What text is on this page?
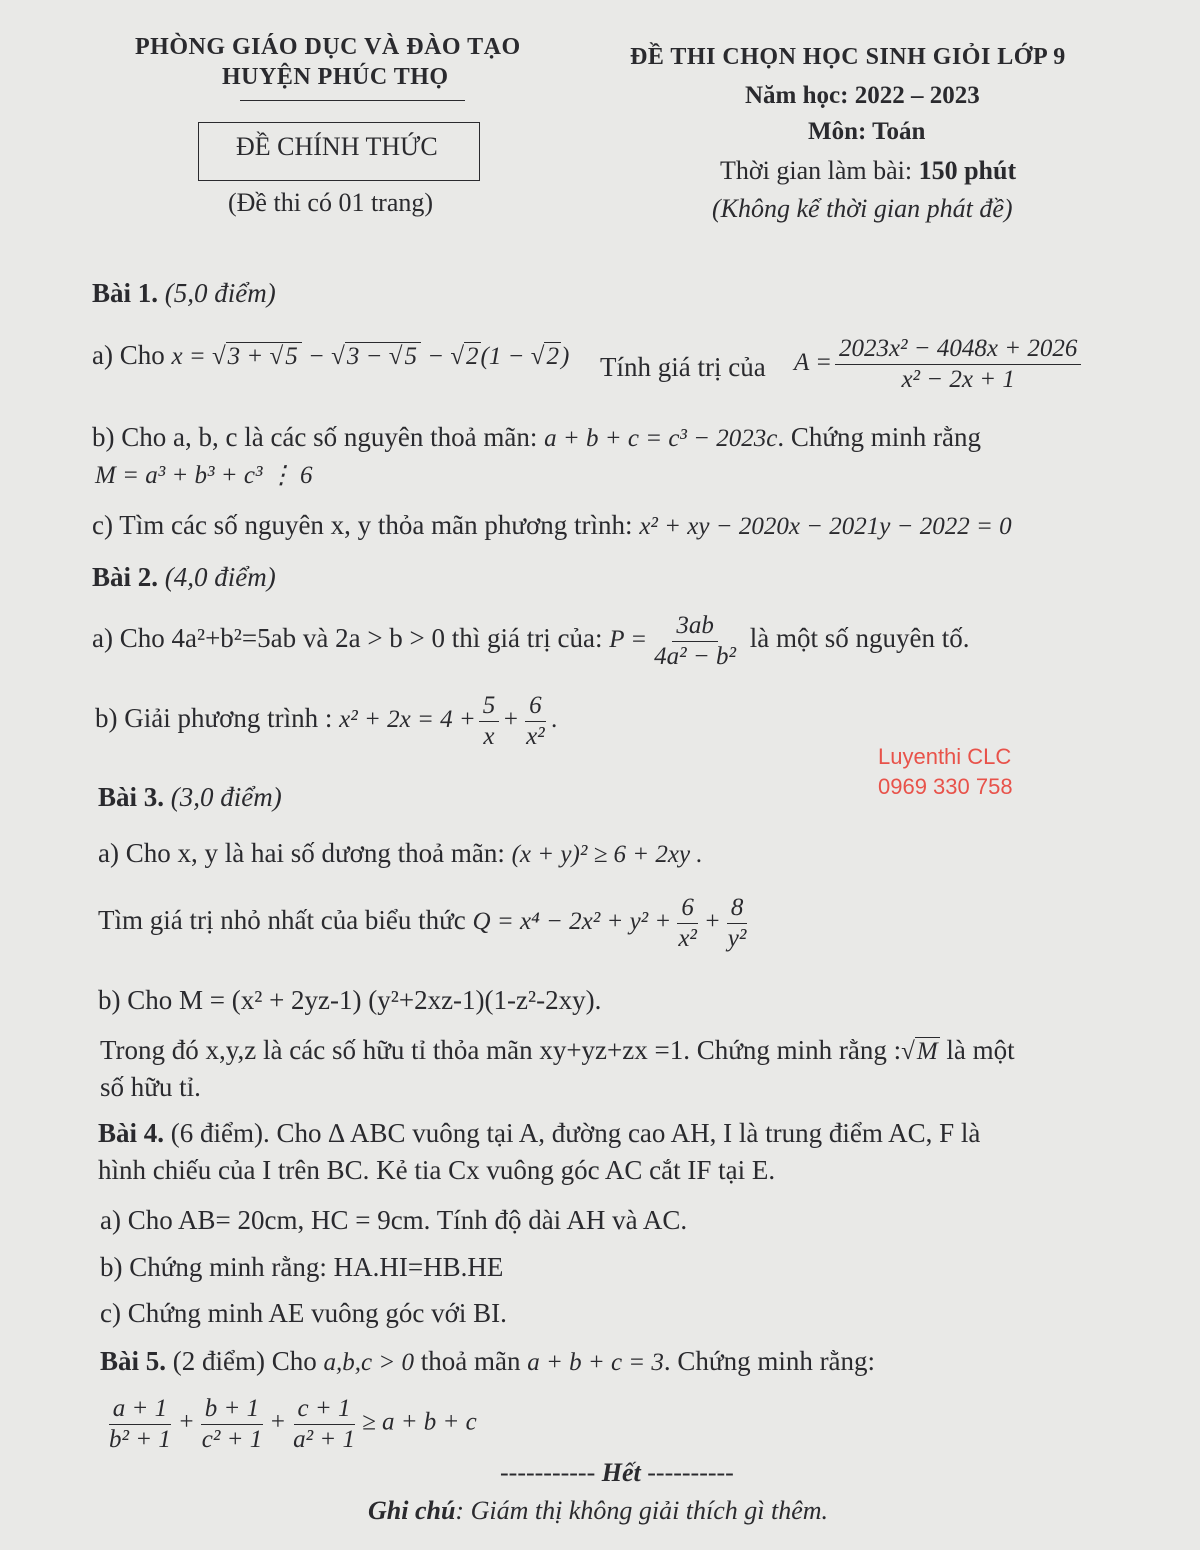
PHÒNG GIÁO DỤC VÀ ĐÀO TẠO
HUYỆN PHÚC THỌ
ĐỀ CHÍNH THỨC
(Đề thi có 01 trang)
ĐỀ THI CHỌN HỌC SINH GIỎI LỚP 9
Năm học: 2022 – 2023
Môn: Toán
Thời gian làm bài: 150 phút
(Không kể thời gian phát đề)
Bài 1. (5,0 điểm)
a) Cho x = √3 + √5 − √3 − √5 − √2(1 − √2) Tính giá trị của $A = \frac{\text{2023x² − 4048x + 2026}}{\text{x² − 2x + 1}}$
b) Cho a, b, c là các số nguyên thoả mãn: a + b + c = c³ − 2023c. Chứng minh rằng
M = a³ + b³ + c³ ⋮ 6
c) Tìm các số nguyên x, y thỏa mãn phương trình: x² + xy − 2020x − 2021y − 2022 = 0
Bài 2. (4,0 điểm)
a) Cho 4a²+b²=5ab và 2a > b > 0 thì giá trị của: $P = \frac{3ab}{\text{4a² − b²}}$ là một số nguyên tố.
b) Giải phương trình : $x^2 + 2x = 4 + \frac{5}{x} + \frac{6}{\text{x²}}$ .
Luyenthi CLC
0969 330 758
Bài 3. (3,0 điểm)
a) Cho x, y là hai số dương thoả mãn: (x + y)² ≥ 6 + 2xy .
Tìm giá trị nhỏ nhất của biểu thức $Q = x^4 - 2x^2 + y^2 + \frac{6}{\text{x²}} + \frac{8}{\text{y²}}$
b) Cho M = (x² + 2yz-1) (y²+2xz-1)(1-z²-2xy).
Trong đó x,y,z là các số hữu tỉ thỏa mãn xy+yz+zx =1. Chứng minh rằng :√M là một
số hữu tỉ.
Bài 4. (6 điểm). Cho ∆ ABC vuông tại A, đường cao AH, I là trung điểm AC, F là
hình chiếu của I trên BC. Kẻ tia Cx vuông góc AC cắt IF tại E.
a) Cho AB= 20cm, HC = 9cm. Tính độ dài AH và AC.
b) Chứng minh rằng: HA.HI=HB.HE
c) Chứng minh AE vuông góc với BI.
Bài 5. (2 điểm) Cho a,b,c > 0 thoả mãn a + b + c = 3. Chứng minh rằng:
$\frac{a + 1}{\text{b² + 1}} + \frac{b + 1}{\text{c² + 1}} + \frac{c + 1}{\text{a² + 1}} \ge a + b + c$
----------- Hết ----------
Ghi chú: Giám thị không giải thích gì thêm.
